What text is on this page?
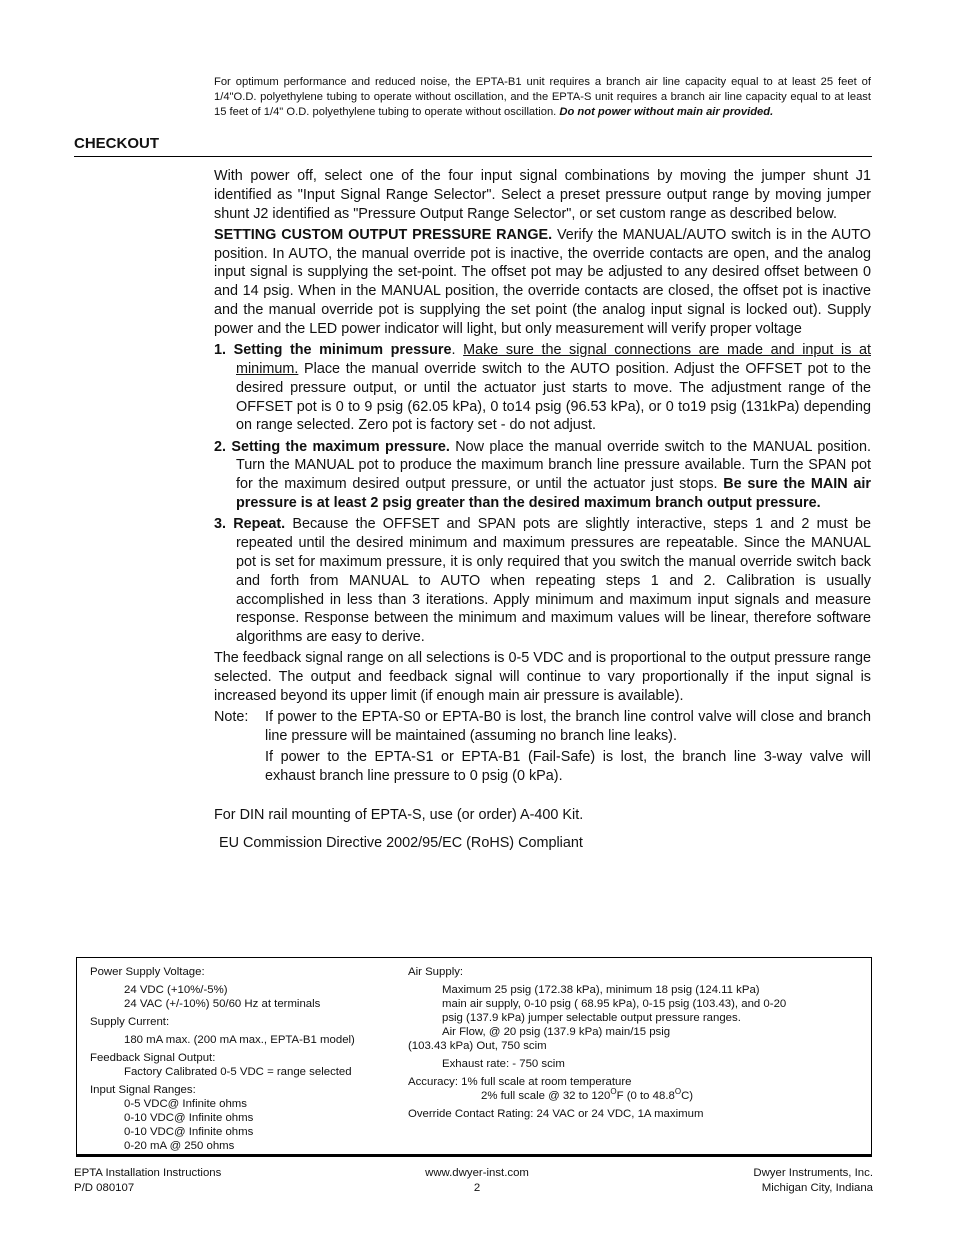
For optimum performance and reduced noise, the EPTA-B1 unit requires a branch air line capacity equal to at least 25 feet of 1/4"O.D. polyethylene tubing to operate without oscillation, and the EPTA-S unit requires a branch air line capacity equal to at least 15 feet of 1/4" O.D. polyethylene tubing to operate without oscillation. Do not power without main air provided.
CHECKOUT

With power off, select one of the four input signal combinations by moving the jumper shunt J1 identified as "Input Signal Range Selector". Select a preset pressure output range by moving jumper shunt J2 identified as "Pressure Output Range Selector", or set custom range as described below.

SETTING CUSTOM OUTPUT PRESSURE RANGE. Verify the MANUAL/AUTO switch is in the AUTO position. In AUTO, the manual override pot is inactive, the override contacts are open, and the analog input signal is supplying the set-point. The offset pot may be adjusted to any desired offset between 0 and 14 psig. When in the MANUAL position, the override contacts are closed, the offset pot is inactive and the manual override pot is supplying the set point (the analog input signal is locked out). Supply power and the LED power indicator will light, but only measurement will verify proper voltage

1. Setting the minimum pressure. Make sure the signal connections are made and input is at minimum. Place the manual override switch to the AUTO position. Adjust the OFFSET pot to the desired pressure output, or until the actuator just starts to move. The adjustment range of the OFFSET pot is 0 to 9 psig (62.05 kPa), 0 to14 psig (96.53 kPa), or 0 to19 psig (131kPa) depending on range selected. Zero pot is factory set - do not adjust.

2. Setting the maximum pressure. Now place the manual override switch to the MANUAL position. Turn the MANUAL pot to produce the maximum branch line pressure available. Turn the SPAN pot for the maximum desired output pressure, or until the actuator just stops. Be sure the MAIN air pressure is at least 2 psig greater than the desired maximum branch output pressure.

3. Repeat. Because the OFFSET and SPAN pots are slightly interactive, steps 1 and 2 must be repeated until the desired minimum and maximum pressures are repeatable. Since the MANUAL pot is set for maximum pressure, it is only required that you switch the manual override switch back and forth from MANUAL to AUTO when repeating steps 1 and 2. Calibration is usually accomplished in less than 3 iterations. Apply minimum and maximum input signals and measure response. Response between the minimum and maximum values will be linear, therefore software algorithms are easy to derive.

The feedback signal range on all selections is 0-5 VDC and is proportional to the output pressure range selected. The output and feedback signal will continue to vary proportionally if the input signal is increased beyond its upper limit (if enough main air pressure is available).

Note:	If power to the EPTA-S0 or EPTA-B0 is lost, the branch line control valve will close and branch line pressure will be maintained (assuming no branch line leaks).

If power to the EPTA-S1 or EPTA-B1 (Fail-Safe) is lost, the branch line 3-way valve will exhaust branch line pressure to 0 psig (0 kPa).

For DIN rail mounting of EPTA-S, use (or order) A-400 Kit.

EU Commission Directive 2002/95/EC (RoHS) Compliant

Power Supply Voltage:

24 VDC (+10%/-5%)

24 VAC (+/-10%) 50/60 Hz at terminals

Supply Current:

180 mA max. (200 mA max., EPTA-B1 model)

Feedback Signal Output:

Factory Calibrated 0-5 VDC = range selected

Input Signal Ranges:

0-5 VDC@ Infinite ohms

0-10 VDC@ Infinite ohms

0-10 VDC@ Infinite ohms

0-20 mA @ 250 ohms

Air Supply:

Maximum 25 psig (172.38 kPa), minimum 18 psig (124.11 kPa)

main air supply, 0-10 psig ( 68.95 kPa), 0-15 psig (103.43), and 0-20

psig (137.9 kPa) jumper selectable output pressure ranges.

Air Flow, @ 20 psig (137.9 kPa) main/15 psig

(103.43 kPa) Out, 750 scim

Exhaust rate: - 750 scim

Accuracy: 1% full scale at room temperature

2% full scale @ 32 to $120^OF$ (0 to $48.8^OC$)

Override Contact Rating: 24 VAC or 24 VDC, 1A maximum

EPTA Installation Instructions
P/D 080107
www.dwyer-inst.com
2
Dwyer Instruments, Inc.
Michigan City, Indiana
